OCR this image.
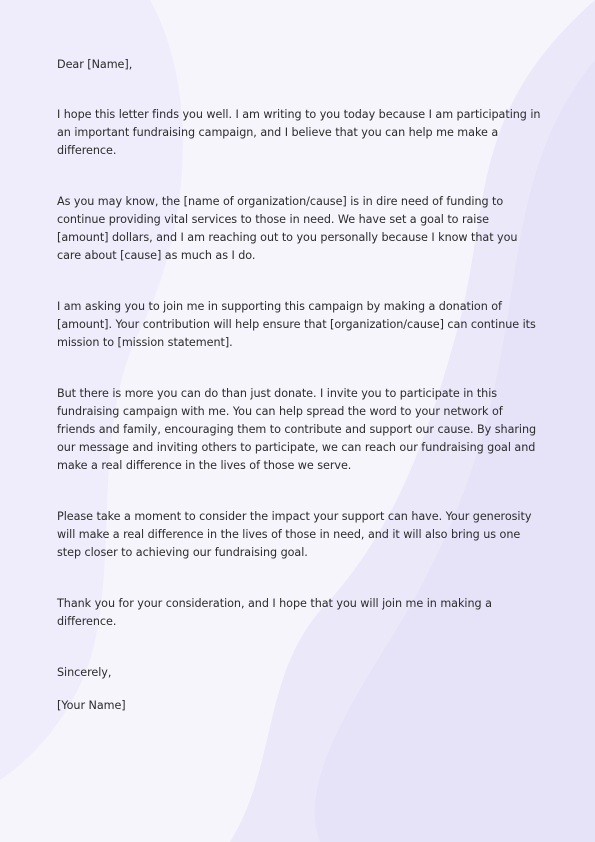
Dear [Name],

I hope this letter finds you well. I am writing to you today because I am participating in an important fundraising campaign, and I believe that you can help me make a difference.

As you may know, the [name of organization/cause] is in dire need of funding to continue providing vital services to those in need. We have set a goal to raise [amount] dollars, and I am reaching out to you personally because I know that you care about [cause] as much as I do.

I am asking you to join me in supporting this campaign by making a donation of [amount]. Your contribution will help ensure that [organization/cause] can continue its mission to [mission statement].

But there is more you can do than just donate. I invite you to participate in this fundraising campaign with me. You can help spread the word to your network of friends and family, encouraging them to contribute and support our cause. By sharing our message and inviting others to participate, we can reach our fundraising goal and make a real difference in the lives of those we serve.

Please take a moment to consider the impact your support can have. Your generosity will make a real difference in the lives of those in need, and it will also bring us one step closer to achieving our fundraising goal.

Thank you for your consideration, and I hope that you will join me in making a difference.

Sincerely,

[Your Name]
